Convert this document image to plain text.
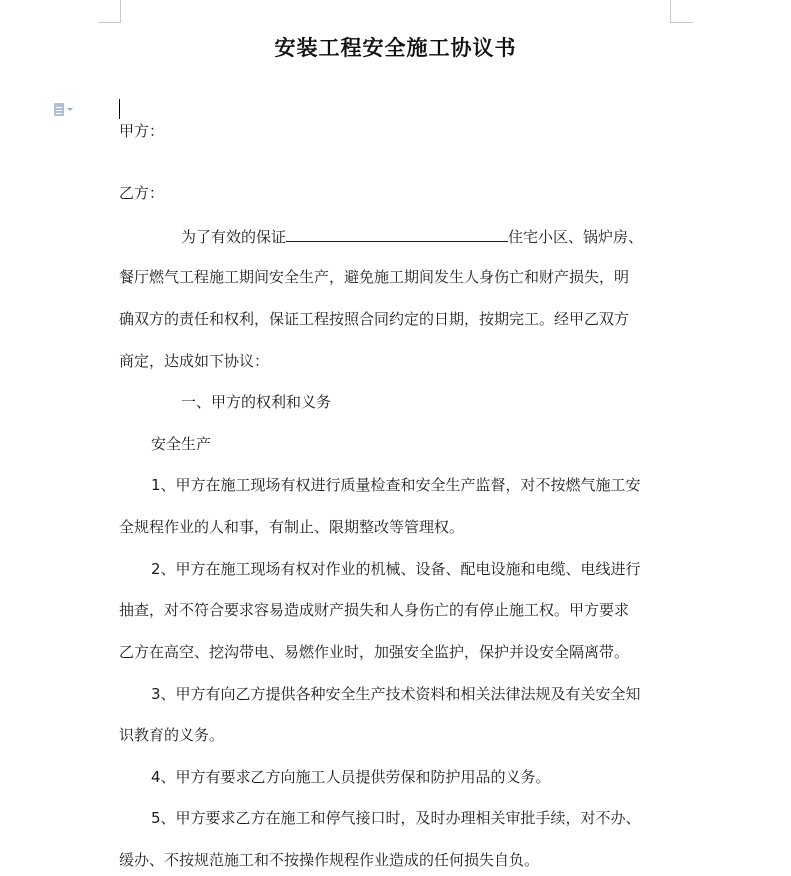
安装工程安全施工协议书
甲方：
乙方：
为了有效的保证	住宅小区、锅炉房、
餐厅燃气工程施工期间安全生产，避免施工期间发生人身伤亡和财产损失，明
确双方的责任和权利，保证工程按照合同约定的日期，按期完工。经甲乙双方
商定，达成如下协议：
一、甲方的权利和义务
安全生产
1、甲方在施工现场有权进行质量检查和安全生产监督，对不按燃气施工安
全规程作业的人和事，有制止、限期整改等管理权。
2、甲方在施工现场有权对作业的机械、设备、配电设施和电缆、电线进行
抽查，对不符合要求容易造成财产损失和人身伤亡的有停止施工权。甲方要求
乙方在高空、挖沟带电、易燃作业时，加强安全监护，保护并设安全隔离带。
3、甲方有向乙方提供各种安全生产技术资料和相关法律法规及有关安全知
识教育的义务。
4、甲方有要求乙方向施工人员提供劳保和防护用品的义务。
5、甲方要求乙方在施工和停气接口时，及时办理相关审批手续，对不办、
缓办、不按规范施工和不按操作规程作业造成的任何损失自负。
